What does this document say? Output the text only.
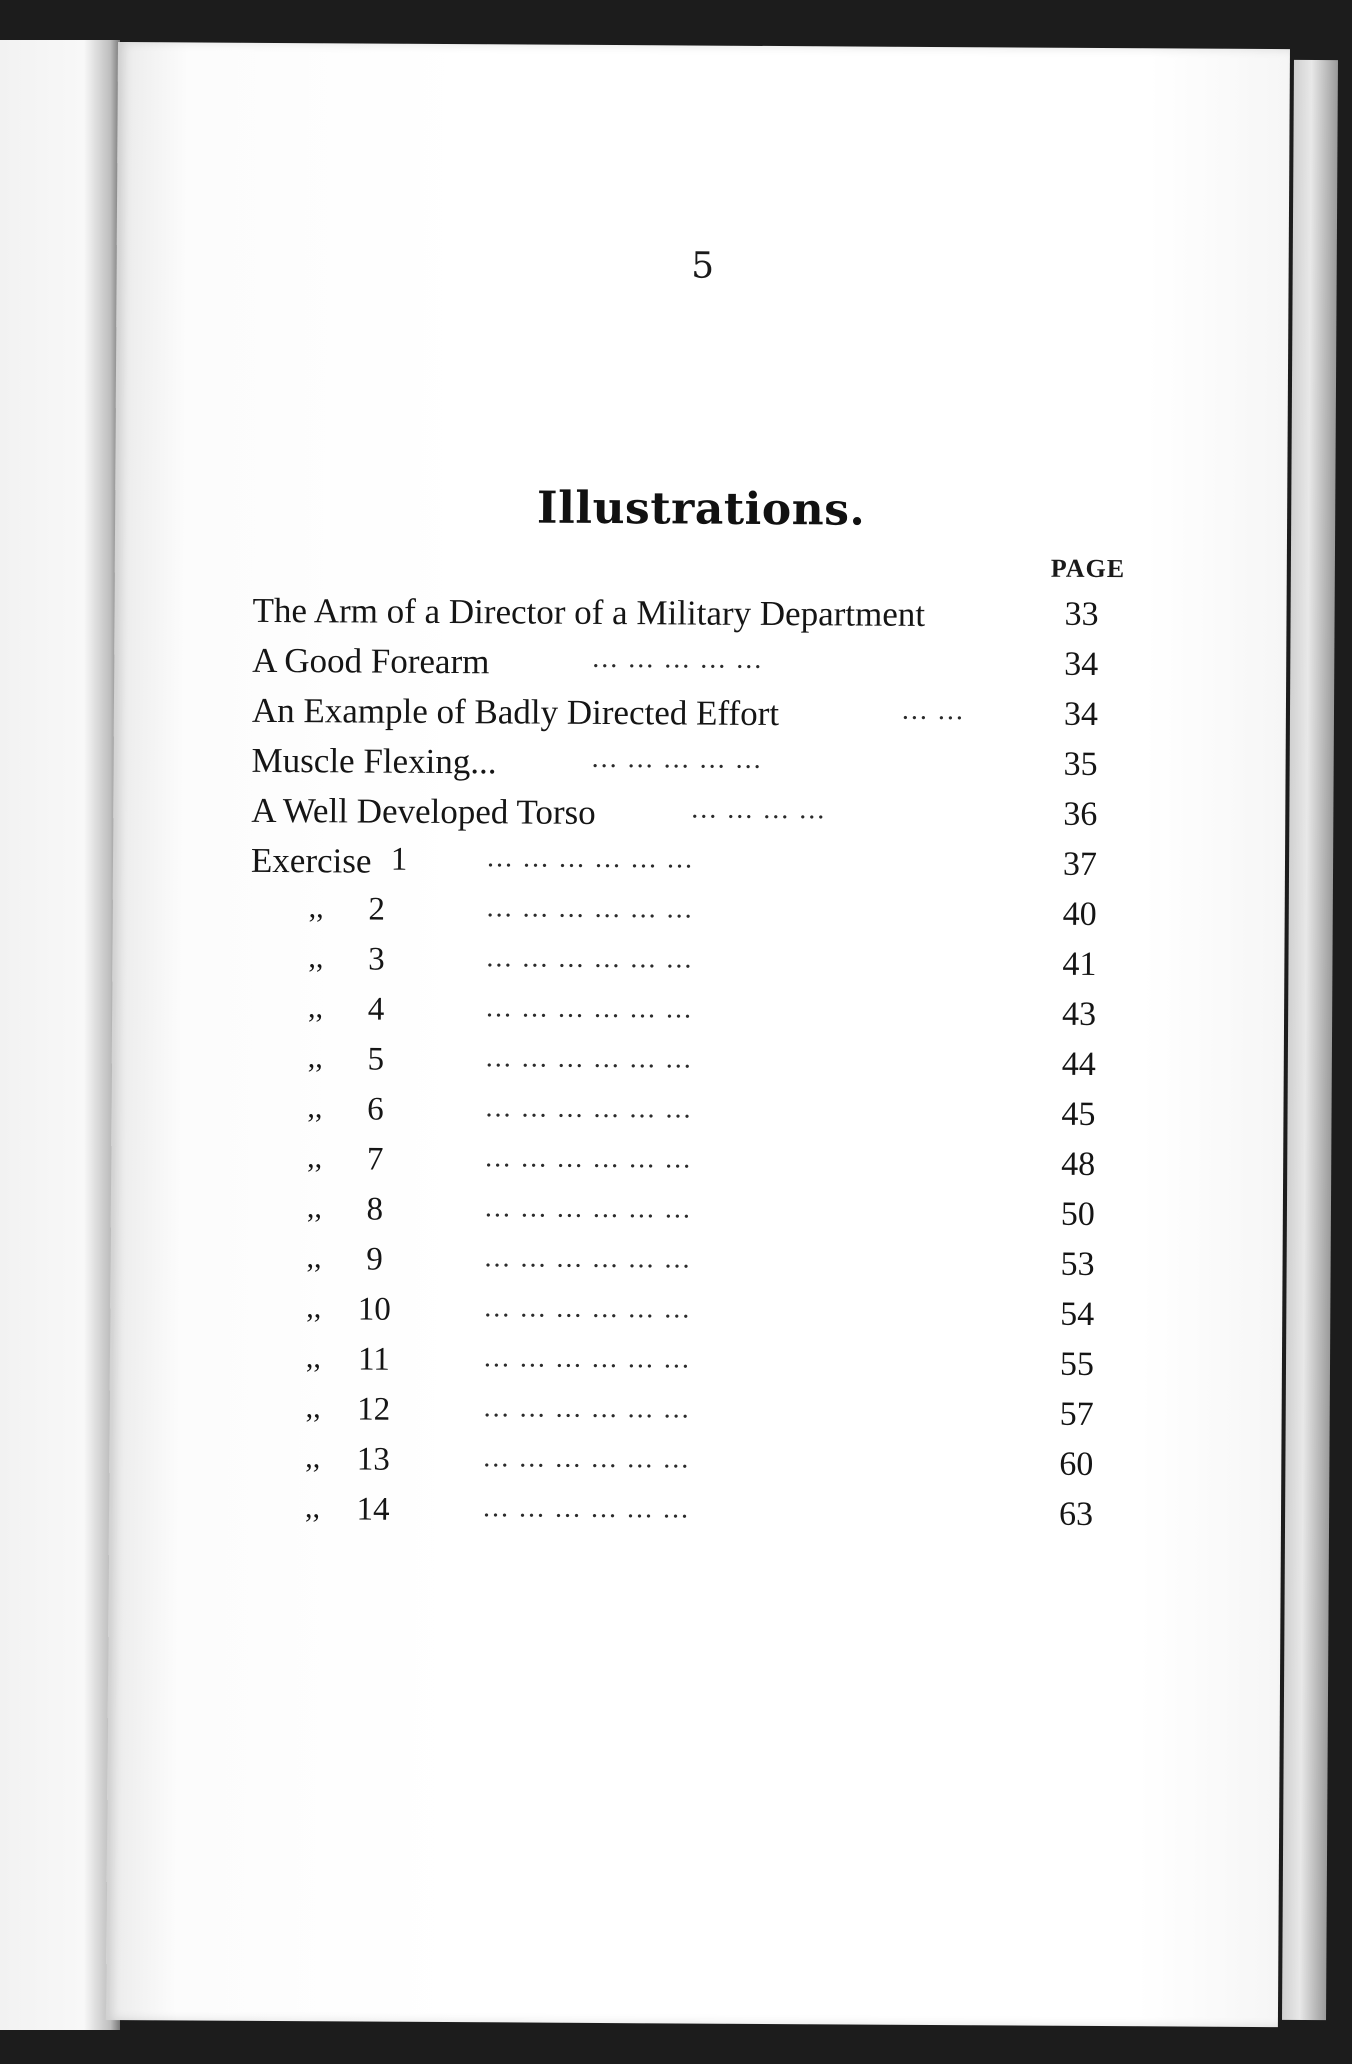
5
Illustrations.
PAGE
The Arm of a Director of a Military Department	33
A Good Forearm	... ... ... ... ...	34
An Example of Badly Directed Effort	... ...	34
Muscle Flexing...	... ... ... ... ...	35
A Well Developed Torso	... ... ... ...	36
Exercise 1	... ... ... ... ... ...	37
,,	2	... ... ... ... ... ...	40
,,	3	... ... ... ... ... ...	41
,,	4	... ... ... ... ... ...	43
,,	5	... ... ... ... ... ...	44
,,	6	... ... ... ... ... ...	45
,,	7	... ... ... ... ... ...	48
,,	8	... ... ... ... ... ...	50
,,	9	... ... ... ... ... ...	53
,,	10	... ... ... ... ... ...	54
,,	11	... ... ... ... ... ...	55
,,	12	... ... ... ... ... ...	57
,,	13	... ... ... ... ... ...	60
,,	14	... ... ... ... ... ...	63
